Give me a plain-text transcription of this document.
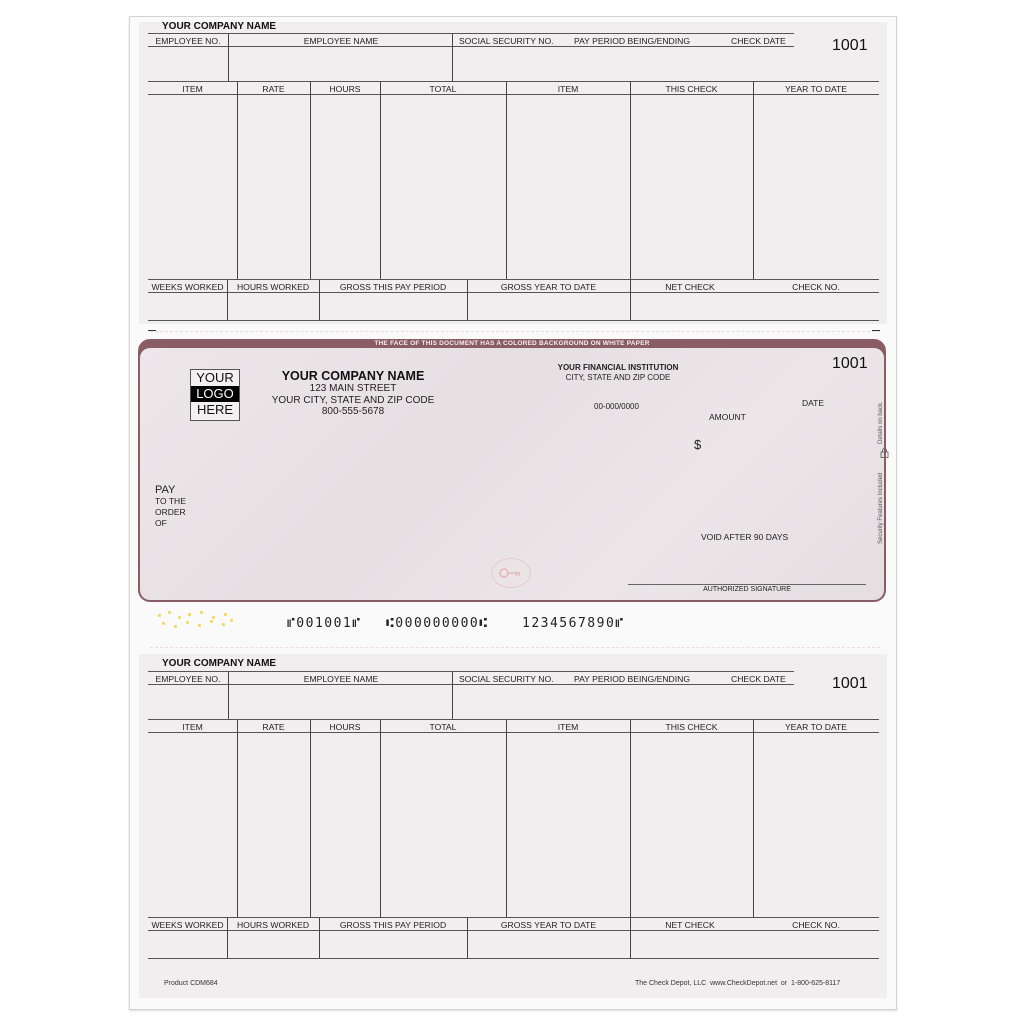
YOUR COMPANY NAME
1001
EMPLOYEE NO.	EMPLOYEE NAME	SOCIAL SECURITY NO. PAY PERIOD BEING/ENDING	CHECK DATE
ITEM	RATE	HOURS	TOTAL	ITEM	THIS CHECK	YEAR TO DATE
WEEKS WORKED	HOURS WORKED	GROSS THIS PAY PERIOD	GROSS YEAR TO DATE	NET CHECK	CHECK NO.
THE FACE OF THIS DOCUMENT HAS A COLORED BACKGROUND ON WHITE PAPER
YOUR
LOGO
HERE
YOUR COMPANY NAME
123 MAIN STREET
YOUR CITY, STATE AND ZIP CODE
800-555-5678
YOUR FINANCIAL INSTITUTION
CITY, STATE AND ZIP CODE
1001
00-000/0000	DATE
AMOUNT
$
PAY
TO THE
ORDER
OF
VOID AFTER 90 DAYS
AUTHORIZED SIGNATURE
Security Features Included
Details on back.
⑈001001⑈ ⑆000000000⑆	1234567890⑈
YOUR COMPANY NAME
1001
EMPLOYEE NO.	EMPLOYEE NAME	SOCIAL SECURITY NO. PAY PERIOD BEING/ENDING	CHECK DATE
ITEM	RATE	HOURS	TOTAL	ITEM	THIS CHECK	YEAR TO DATE
WEEKS WORKED	HOURS WORKED	GROSS THIS PAY PERIOD	GROSS YEAR TO DATE	NET CHECK	CHECK NO.
Product CDM684	The Check Depot, LLC  www.CheckDepot.net  or  1-800-625-8117
